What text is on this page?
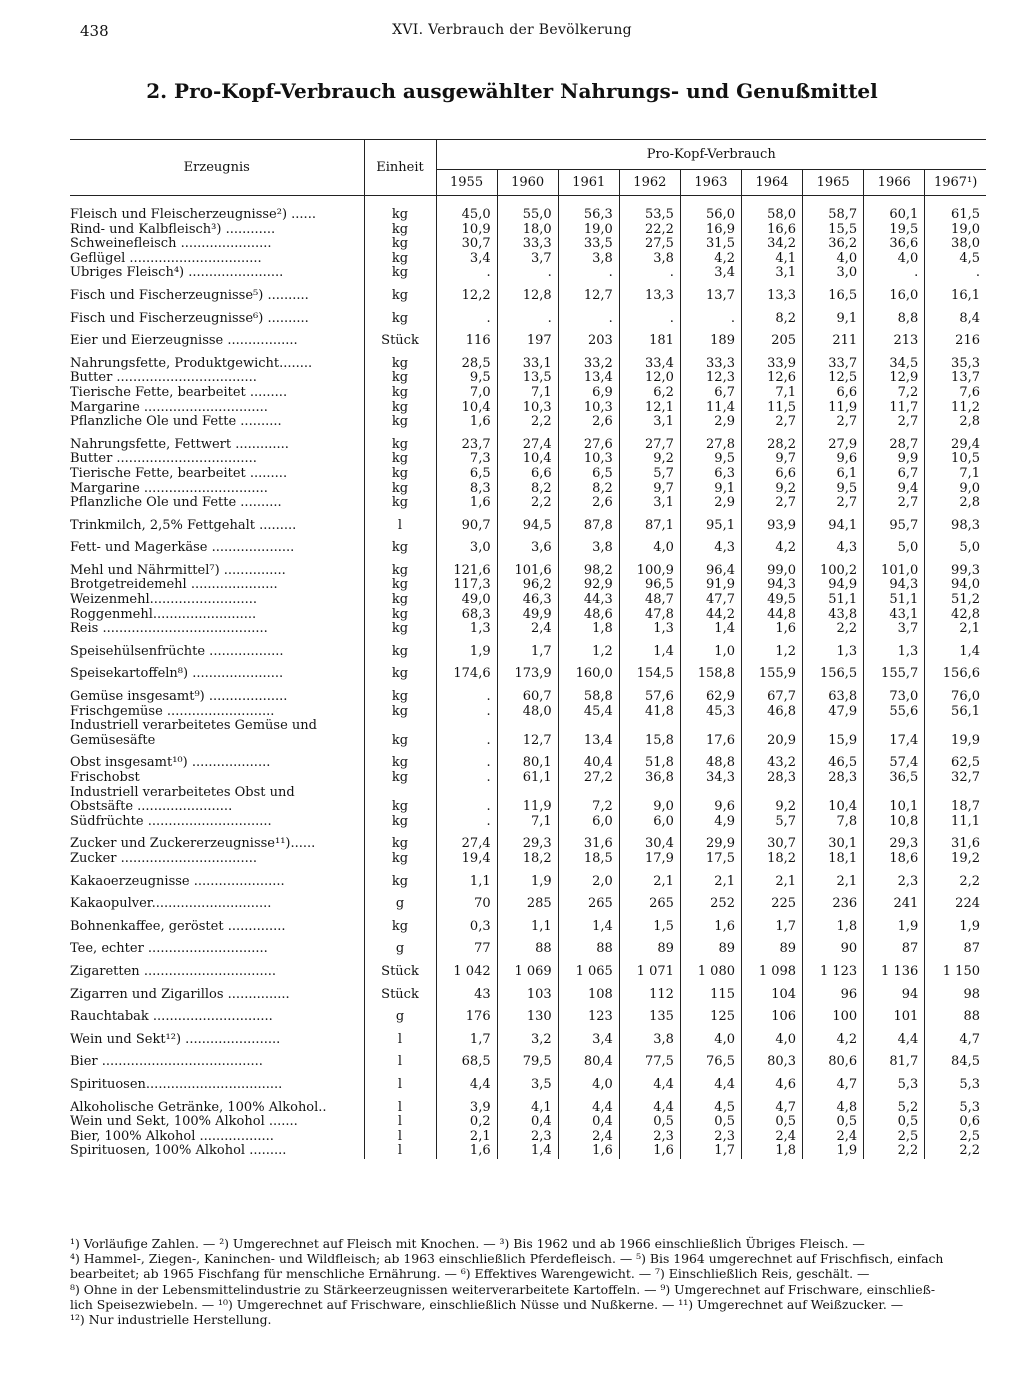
438	XVI. Verbrauch der Bevölkerung
2. Pro-Kopf-Verbrauch ausgewählter Nahrungs- und Genußmittel
Erzeugnis	Einheit	Pro-Kopf-Verbrauch								
		1955	1960	1961	1962	1963	1964	1965	1966	1967¹)
Fleisch und Fleischerzeugnisse²) ......	kg	45,0	55,0	56,3	53,5	56,0	58,0	58,7	60,1	61,5
Rind- und Kalbfleisch³) ............	kg	10,9	18,0	19,0	22,2	16,9	16,6	15,5	19,5	19,0
Schweinefleisch ......................	kg	30,7	33,3	33,5	27,5	31,5	34,2	36,2	36,6	38,0
Geflügel ................................	kg	3,4	3,7	3,8	3,8	4,2	4,1	4,0	4,0	4,5
Übriges Fleisch⁴) .......................	kg	.	.	.	.	3,4	3,1	3,0	.	.
Fisch und Fischerzeugnisse⁵) ..........	kg	12,2	12,8	12,7	13,3	13,7	13,3	16,5	16,0	16,1
Fisch und Fischerzeugnisse⁶) ..........	kg	.	.	.	.	.	8,2	9,1	8,8	8,4
Eier und Eierzeugnisse .................	Stück	116	197	203	181	189	205	211	213	216
Nahrungsfette, Produktgewicht........	kg	28,5	33,1	33,2	33,4	33,3	33,9	33,7	34,5	35,3
Butter ..................................	kg	9,5	13,5	13,4	12,0	12,3	12,6	12,5	12,9	13,7
Tierische Fette, bearbeitet .........	kg	7,0	7,1	6,9	6,2	6,7	7,1	6,6	7,2	7,6
Margarine ..............................	kg	10,4	10,3	10,3	12,1	11,4	11,5	11,9	11,7	11,2
Pflanzliche Öle und Fette ..........	kg	1,6	2,2	2,6	3,1	2,9	2,7	2,7	2,7	2,8
Nahrungsfette, Fettwert .............	kg	23,7	27,4	27,6	27,7	27,8	28,2	27,9	28,7	29,4
Butter ..................................	kg	7,3	10,4	10,3	9,2	9,5	9,7	9,6	9,9	10,5
Tierische Fette, bearbeitet .........	kg	6,5	6,6	6,5	5,7	6,3	6,6	6,1	6,7	7,1
Margarine ..............................	kg	8,3	8,2	8,2	9,7	9,1	9,2	9,5	9,4	9,0
Pflanzliche Öle und Fette ..........	kg	1,6	2,2	2,6	3,1	2,9	2,7	2,7	2,7	2,8
Trinkmilch, 2,5% Fettgehalt .........	l	90,7	94,5	87,8	87,1	95,1	93,9	94,1	95,7	98,3
Fett- und Magerkäse ....................	kg	3,0	3,6	3,8	4,0	4,3	4,2	4,3	5,0	5,0
Mehl und Nährmittel⁷) ...............	kg	121,6	101,6	98,2	100,9	96,4	99,0	100,2	101,0	99,3
Brotgetreidemehl .....................	kg	117,3	96,2	92,9	96,5	91,9	94,3	94,9	94,3	94,0
Weizenmehl..........................	kg	49,0	46,3	44,3	48,7	47,7	49,5	51,1	51,1	51,2
Roggenmehl.........................	kg	68,3	49,9	48,6	47,8	44,2	44,8	43,8	43,1	42,8
Reis ........................................	kg	1,3	2,4	1,8	1,3	1,4	1,6	2,2	3,7	2,1
Speisehülsenfrüchte ..................	kg	1,9	1,7	1,2	1,4	1,0	1,2	1,3	1,3	1,4
Speisekartoffeln⁸) ......................	kg	174,6	173,9	160,0	154,5	158,8	155,9	156,5	155,7	156,6
Gemüse insgesamt⁹) ...................	kg	.	60,7	58,8	57,6	62,9	67,7	63,8	73,0	76,0
Frischgemüse ..........................	kg	.	48,0	45,4	41,8	45,3	46,8	47,9	55,6	56,1
Industriell verarbeitetes Gemüse und										
Gemüsesäfte	kg	.	12,7	13,4	15,8	17,6	20,9	15,9	17,4	19,9
Obst insgesamt¹⁰) ...................	kg	.	80,1	40,4	51,8	48,8	43,2	46,5	57,4	62,5
Frischobst	kg	.	61,1	27,2	36,8	34,3	28,3	28,3	36,5	32,7
Industriell verarbeitetes Obst und										
Obstsäfte .......................	kg	.	11,9	7,2	9,0	9,6	9,2	10,4	10,1	18,7
Südfrüchte ..............................	kg	.	7,1	6,0	6,0	4,9	5,7	7,8	10,8	11,1
Zucker und Zuckererzeugnisse¹¹)......	kg	27,4	29,3	31,6	30,4	29,9	30,7	30,1	29,3	31,6
Zucker .................................	kg	19,4	18,2	18,5	17,9	17,5	18,2	18,1	18,6	19,2
Kakaoerzeugnisse ......................	kg	1,1	1,9	2,0	2,1	2,1	2,1	2,1	2,3	2,2
Kakaopulver.............................	g	70	285	265	265	252	225	236	241	224
Bohnenkaffee, geröstet ..............	kg	0,3	1,1	1,4	1,5	1,6	1,7	1,8	1,9	1,9
Tee, echter .............................	g	77	88	88	89	89	89	90	87	87
Zigaretten ................................	Stück	1 042	1 069	1 065	1 071	1 080	1 098	1 123	1 136	1 150
Zigarren und Zigarillos ...............	Stück	43	103	108	112	115	104	96	94	98
Rauchtabak .............................	g	176	130	123	135	125	106	100	101	88
Wein und Sekt¹²) .......................	l	1,7	3,2	3,4	3,8	4,0	4,0	4,2	4,4	4,7
Bier .......................................	l	68,5	79,5	80,4	77,5	76,5	80,3	80,6	81,7	84,5
Spirituosen.................................	l	4,4	3,5	4,0	4,4	4,4	4,6	4,7	5,3	5,3
Alkoholische Getränke, 100% Alkohol..	l	3,9	4,1	4,4	4,4	4,5	4,7	4,8	5,2	5,3
Wein und Sekt, 100% Alkohol .......	l	0,2	0,4	0,4	0,5	0,5	0,5	0,5	0,5	0,6
Bier, 100% Alkohol ..................	l	2,1	2,3	2,4	2,3	2,3	2,4	2,4	2,5	2,5
Spirituosen, 100% Alkohol .........	l	1,6	1,4	1,6	1,6	1,7	1,8	1,9	2,2	2,2

¹) Vorläufige Zahlen. — ²) Umgerechnet auf Fleisch mit Knochen. — ³) Bis 1962 und ab 1966 einschließlich Übriges Fleisch. —

⁴) Hammel-, Ziegen-, Kaninchen- und Wildfleisch; ab 1963 einschließlich Pferdefleisch. — ⁵) Bis 1964 umgerechnet auf Frischfisch, einfach

bearbeitet; ab 1965 Fischfang für menschliche Ernährung. — ⁶) Effektives Warengewicht. — ⁷) Einschließlich Reis, geschält. —

⁸) Ohne in der Lebensmittelindustrie zu Stärkeerzeugnissen weiterverarbeitete Kartoffeln. — ⁹) Umgerechnet auf Frischware, einschließ-

lich Speisezwiebeln. — ¹⁰) Umgerechnet auf Frischware, einschließlich Nüsse und Nußkerne. — ¹¹) Umgerechnet auf Weißzucker. —

¹²) Nur industrielle Herstellung.
